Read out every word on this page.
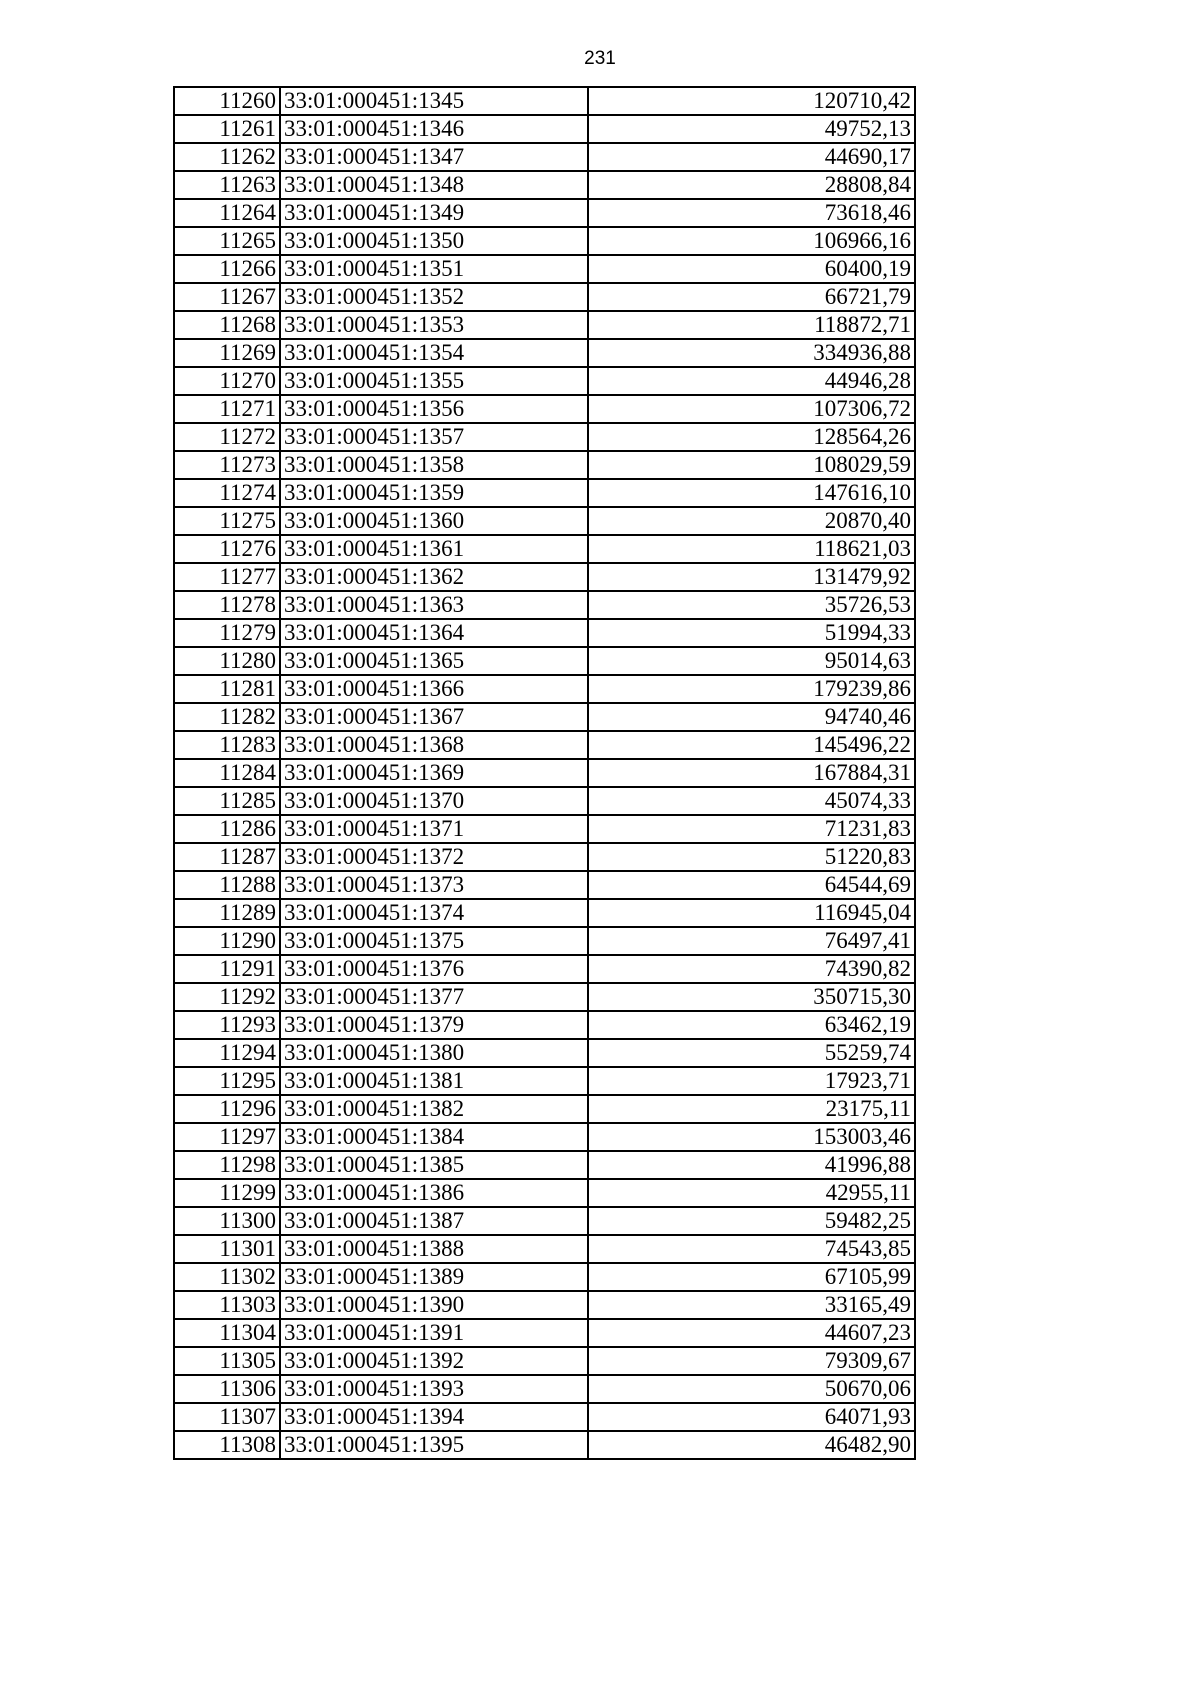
231
11260	33:01:000451:1345	120710,42
11261	33:01:000451:1346	49752,13
11262	33:01:000451:1347	44690,17
11263	33:01:000451:1348	28808,84
11264	33:01:000451:1349	73618,46
11265	33:01:000451:1350	106966,16
11266	33:01:000451:1351	60400,19
11267	33:01:000451:1352	66721,79
11268	33:01:000451:1353	118872,71
11269	33:01:000451:1354	334936,88
11270	33:01:000451:1355	44946,28
11271	33:01:000451:1356	107306,72
11272	33:01:000451:1357	128564,26
11273	33:01:000451:1358	108029,59
11274	33:01:000451:1359	147616,10
11275	33:01:000451:1360	20870,40
11276	33:01:000451:1361	118621,03
11277	33:01:000451:1362	131479,92
11278	33:01:000451:1363	35726,53
11279	33:01:000451:1364	51994,33
11280	33:01:000451:1365	95014,63
11281	33:01:000451:1366	179239,86
11282	33:01:000451:1367	94740,46
11283	33:01:000451:1368	145496,22
11284	33:01:000451:1369	167884,31
11285	33:01:000451:1370	45074,33
11286	33:01:000451:1371	71231,83
11287	33:01:000451:1372	51220,83
11288	33:01:000451:1373	64544,69
11289	33:01:000451:1374	116945,04
11290	33:01:000451:1375	76497,41
11291	33:01:000451:1376	74390,82
11292	33:01:000451:1377	350715,30
11293	33:01:000451:1379	63462,19
11294	33:01:000451:1380	55259,74
11295	33:01:000451:1381	17923,71
11296	33:01:000451:1382	23175,11
11297	33:01:000451:1384	153003,46
11298	33:01:000451:1385	41996,88
11299	33:01:000451:1386	42955,11
11300	33:01:000451:1387	59482,25
11301	33:01:000451:1388	74543,85
11302	33:01:000451:1389	67105,99
11303	33:01:000451:1390	33165,49
11304	33:01:000451:1391	44607,23
11305	33:01:000451:1392	79309,67
11306	33:01:000451:1393	50670,06
11307	33:01:000451:1394	64071,93
11308	33:01:000451:1395	46482,90
